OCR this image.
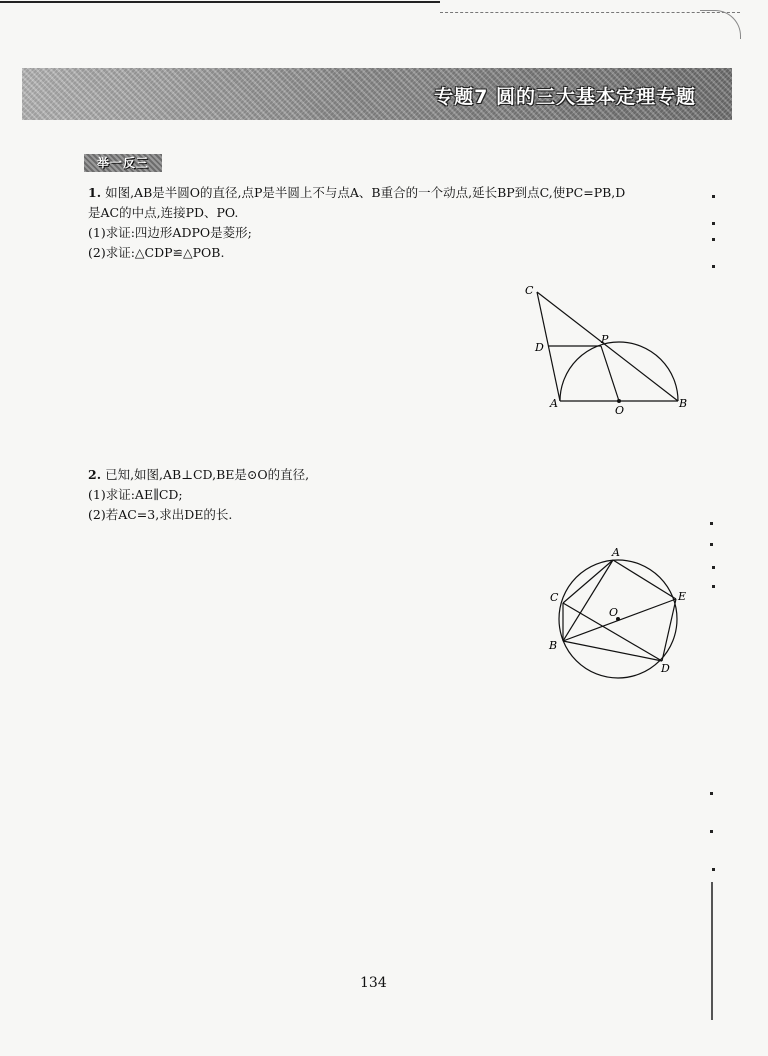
专题7 圆的三大基本定理专题
举一反三

1. 如图,AB是半圆O的直径,点P是半圆上不与点A、B重合的一个动点,延长BP到点C,使PC=PB,D

是AC的中点,连接PD、PO.

(1)求证:四边形ADPO是菱形;

(2)求证:△CDP≌△POB.

C
P
D
A
O
B

2. 已知,如图,AB⊥CD,BE是⊙O的直径,

(1)求证:AE∥CD;

(2)若AC=3,求出DE的长.

A
C
O
E
B
D
134
